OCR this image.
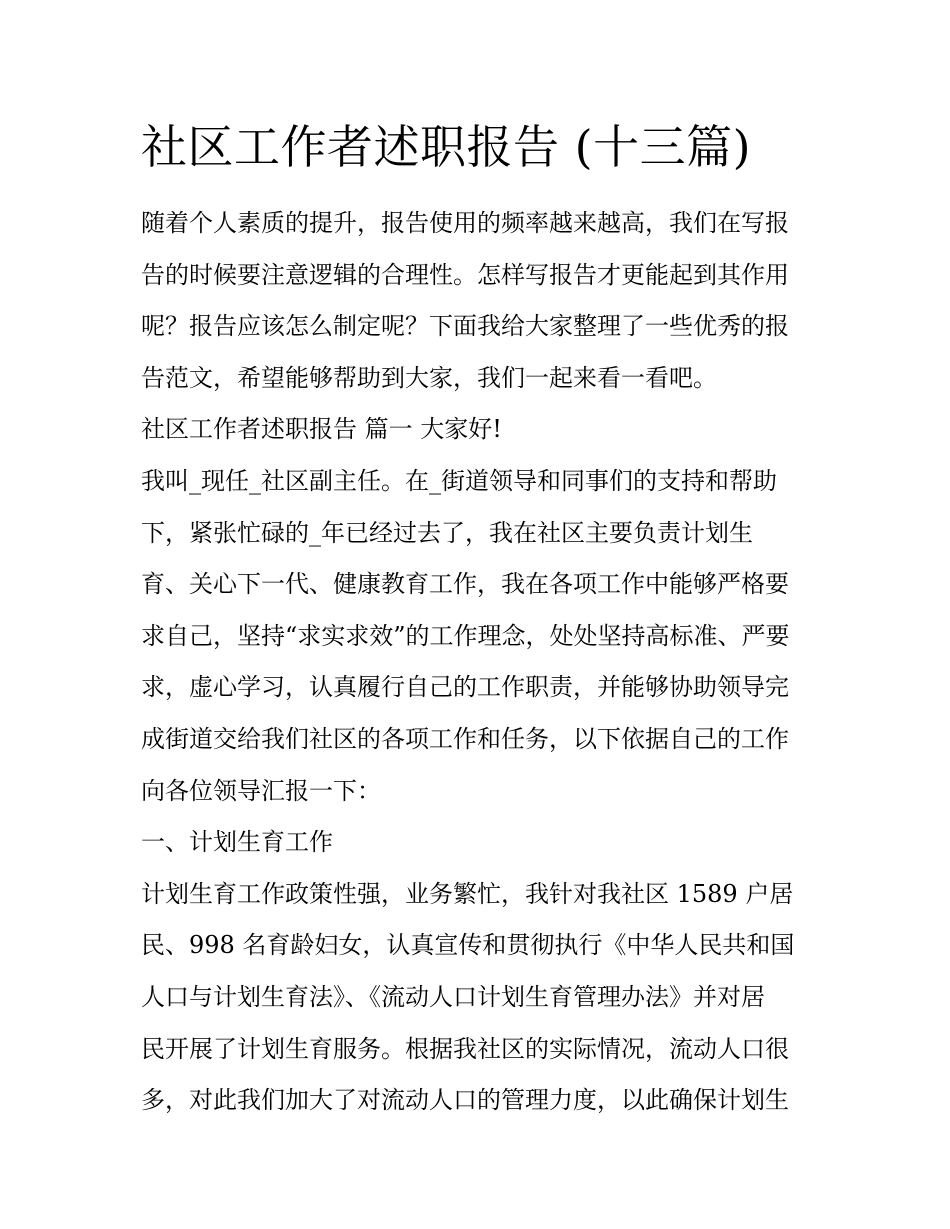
社区工作者述职报告 (十三篇)
随着个人素质的提升，报告使用的频率越来越高，我们在写报
告的时候要注意逻辑的合理性。怎样写报告才更能起到其作用
呢？报告应该怎么制定呢？下面我给大家整理了一些优秀的报
告范文，希望能够帮助到大家，我们一起来看一看吧。
社区工作者述职报告 篇一 大家好!
我叫_现任_社区副主任。在_街道领导和同事们的支持和帮助
下，紧张忙碌的_年已经过去了，我在社区主要负责计划生
育、关心下一代、健康教育工作，我在各项工作中能够严格要
求自己，坚持“求实求效”的工作理念，处处坚持高标准、严要
求，虚心学习，认真履行自己的工作职责，并能够协助领导完
成街道交给我们社区的各项工作和任务，以下依据自己的工作
向各位领导汇报一下：
一、计划生育工作
计划生育工作政策性强，业务繁忙，我针对我社区 1589 户居
民、998 名育龄妇女，认真宣传和贯彻执行《中华人民共和国
人口与计划生育法》、《流动人口计划生育管理办法》并对居
民开展了计划生育服务。根据我社区的实际情况，流动人口很
多，对此我们加大了对流动人口的管理力度，以此确保计划生
